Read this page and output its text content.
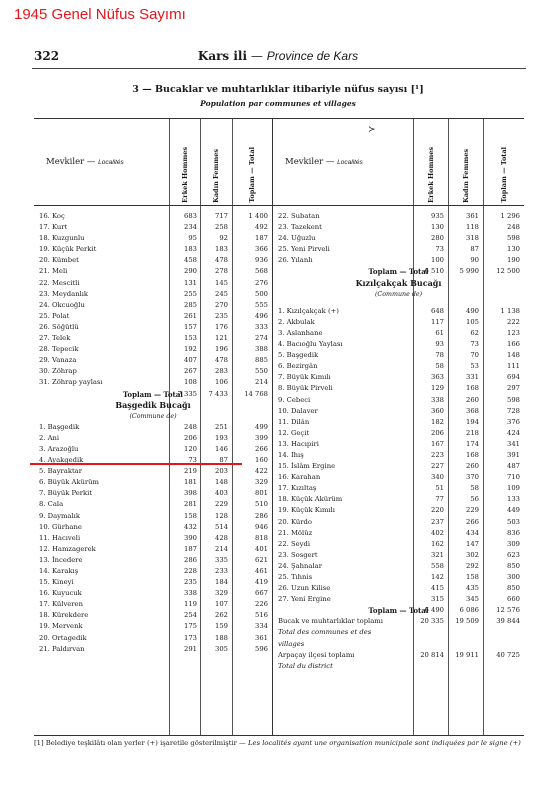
1945 Genel Nüfus Sayımı
322	Kars ili — Province de Kars
3 — Bucaklar ve muhtarlıklar itibariyle nüfus sayısı [¹]
Population par communes et villages
Mevkiler — Localités	Erkek Hommes	Kadın Femmes	Toplam — Total
16. Koç	683	717	1 400
17. Kurt	234	258	492
18. Kuzgunlu	95	92	187
19. Küçük Perkit	183	183	366
20. Kümbet	458	478	936
21. Meli	290	278	568
22. Mescitli	131	145	276
23. Meydanlık	255	245	500
24. Okcuoğlu	285	270	555
25. Polat	261	235	496
26. Söğütlü	157	176	333
27. Telek	153	121	274
28. Tepecik	192	196	388
29. Vanaza	407	478	885
30. Zöhrap	267	283	550
31. Zöhrap yaylası	108	106	214
Toplam — Total
7 335	7 433	14 768
Başgedik Bucağı
(Commune de)
1. Başgedik	248	251	499
2. Ani	206	193	399
3. Arazoğlu	120	146	266
4. Ayakgedik	73	87	160
5. Bayraktar	219	203	422
6. Büyük Akürüm	181	148	329
7. Büyük Perkit	398	403	801
8. Cala	281	229	510
9. Daymalık	158	128	286
10. Gürhane	432	514	946
11. Hacıveli	390	428	818
12. Hamzagerek	187	214	401
13. İncedere	286	335	621
14. Karakış	228	233	461
15. Kineyi	235	184	419
16. Kuyucuk	338	329	667
17. Külveren	119	107	226
18. Kürekdere	254	262	516
19. Mervenk	175	159	334
20. Ortagedik	173	188	361
21. Paldırvan	291	305	596
≻
Mevkiler — Localités	Erkek Hommes	Kadın Femmes	Toplam — Total
22. Subatan	935	361	1 296
23. Tazekent	130	118	248
24. Uğuzlu	280	318	598
25. Yeni Pirveli	73	87	130
26. Yılanlı	100	90	190
Toplam — Total
6 510	5 990	12 500
Kızılçakçak Bucağı
(Commune de)
1. Kızılçakçak (+)	648	490	1 138
2. Akbulak	117	105	222
3. Aslanhane	61	62	123
4. Bacıoğlu Yaylası	93	73	166
5. Başgedik	78	70	148
6. Bezirgân	58	53	111
7. Büyük Kımılı	363	331	694
8. Büyük Pirveli	129	168	297
9. Cebeci	338	260	598
10. Dalaver	360	368	728
11. Dilân	182	194	376
12. Geçit	206	218	424
13. Hacıpiri	167	174	341
14. Ihış	223	168	391
15. İslâm Ergine	227	260	487
16. Karahan	340	370	710
17. Kızıltaş	51	58	109
18. Küçük Akürüm	77	56	133
19. Küçük Kımılı	220	229	449
20. Kürdo	237	266	503
21. Mölüz	402	434	836
22. Seydi	162	147	309
23. Sosgert	321	302	623
24. Şahnalar	558	292	850
25. Tıhnis	142	158	300
26. Uzun Kilise	415	435	850
27. Yeni Ergine	315	345	660
Toplam — Total
6 490	6 086	12 576
Bucak ve muhtarlıklar toplamı	20 335	19 509	39 844
Total des communes et des
villages
Arpaçay ilçesi toplamı	20 814	19 911	40 725
Total du district
[1] Belediye teşkilâtı olan yerler (+) işaretile gösterilmiştir — Les localités ayant une organisation municipale sont indiquées par le signe (+)
